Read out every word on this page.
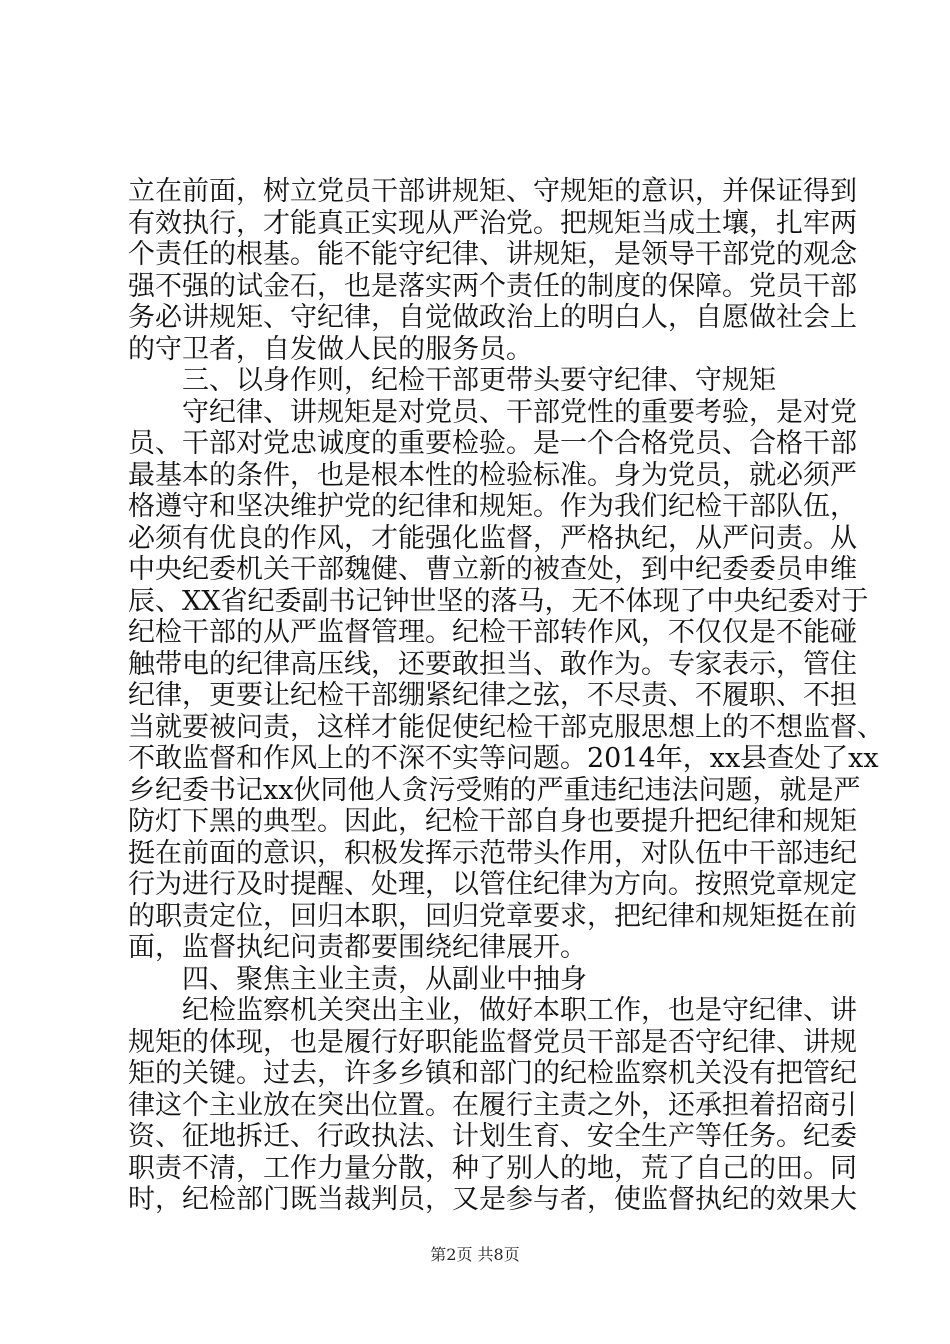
立在前面，树立党员干部讲规矩、守规矩的意识，并保证得到
有效执行，才能真正实现从严治党。把规矩当成土壤，扎牢两
个责任的根基。能不能守纪律、讲规矩，是领导干部党的观念
强不强的试金石，也是落实两个责任的制度的保障。党员干部
务必讲规矩、守纪律，自觉做政治上的明白人，自愿做社会上
的守卫者，自发做人民的服务员。
三、以身作则，纪检干部更带头要守纪律、守规矩
守纪律、讲规矩是对党员、干部党性的重要考验，是对党
员、干部对党忠诚度的重要检验。是一个合格党员、合格干部
最基本的条件，也是根本性的检验标准。身为党员，就必须严
格遵守和坚决维护党的纪律和规矩。作为我们纪检干部队伍，
必须有优良的作风，才能强化监督，严格执纪，从严问责。从
中央纪委机关干部魏健、曹立新的被查处，到中纪委委员申维
辰、XX省纪委副书记钟世坚的落马，无不体现了中央纪委对于
纪检干部的从严监督管理。纪检干部转作风，不仅仅是不能碰
触带电的纪律高压线，还要敢担当、敢作为。专家表示，管住
纪律，更要让纪检干部绷紧纪律之弦，不尽责、不履职、不担
当就要被问责，这样才能促使纪检干部克服思想上的不想监督、
不敢监督和作风上的不深不实等问题。2014年，xx县查处了xx
乡纪委书记xx伙同他人贪污受贿的严重违纪违法问题，就是严
防灯下黑的典型。因此，纪检干部自身也要提升把纪律和规矩
挺在前面的意识，积极发挥示范带头作用，对队伍中干部违纪
行为进行及时提醒、处理，以管住纪律为方向。按照党章规定
的职责定位，回归本职，回归党章要求，把纪律和规矩挺在前
面，监督执纪问责都要围绕纪律展开。
四、聚焦主业主责，从副业中抽身
纪检监察机关突出主业，做好本职工作，也是守纪律、讲
规矩的体现，也是履行好职能监督党员干部是否守纪律、讲规
矩的关键。过去，许多乡镇和部门的纪检监察机关没有把管纪
律这个主业放在突出位置。在履行主责之外，还承担着招商引
资、征地拆迁、行政执法、计划生育、安全生产等任务。纪委
职责不清，工作力量分散，种了别人的地，荒了自己的田。同
时，纪检部门既当裁判员，又是参与者，使监督执纪的效果大
第2页 共8页
